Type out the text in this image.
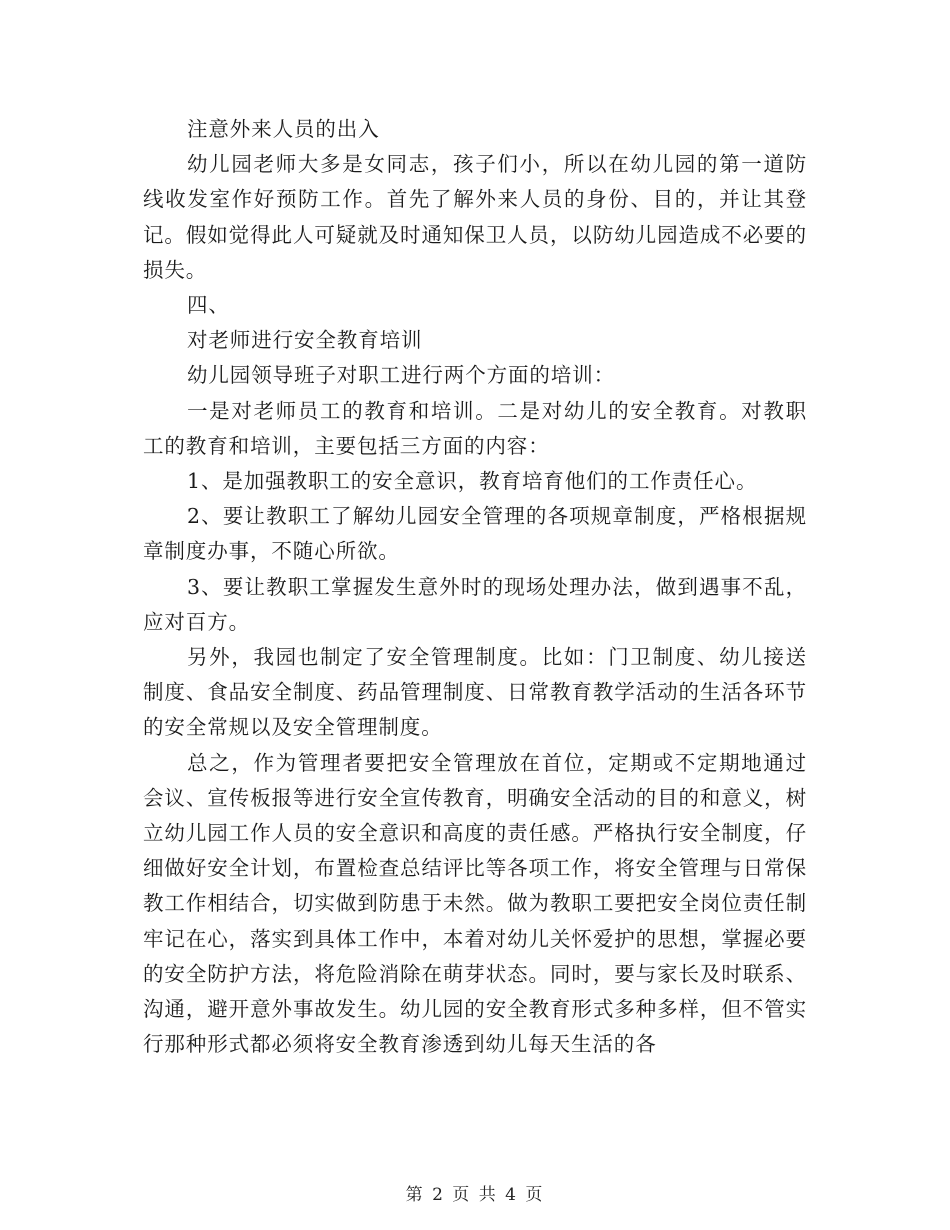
注意外来人员的出入

幼儿园老师大多是女同志，孩子们小，所以在幼儿园的第一道防线收发室作好预防工作。首先了解外来人员的身份、目的，并让其登记。假如觉得此人可疑就及时通知保卫人员，以防幼儿园造成不必要的损失。

四、

对老师进行安全教育培训

幼儿园领导班子对职工进行两个方面的培训：

一是对老师员工的教育和培训。二是对幼儿的安全教育。对教职工的教育和培训，主要包括三方面的内容：

1、是加强教职工的安全意识，教育培育他们的工作责任心。

2、要让教职工了解幼儿园安全管理的各项规章制度，严格根据规章制度办事，不随心所欲。

3、要让教职工掌握发生意外时的现场处理办法，做到遇事不乱，应对百方。

另外，我园也制定了安全管理制度。比如：门卫制度、幼儿接送制度、食品安全制度、药品管理制度、日常教育教学活动的生活各环节的安全常规以及安全管理制度。

总之，作为管理者要把安全管理放在首位，定期或不定期地通过会议、宣传板报等进行安全宣传教育，明确安全活动的目的和意义，树立幼儿园工作人员的安全意识和高度的责任感。严格执行安全制度，仔细做好安全计划，布置检查总结评比等各项工作，将安全管理与日常保教工作相结合，切实做到防患于未然。做为教职工要把安全岗位责任制牢记在心，落实到具体工作中，本着对幼儿关怀爱护的思想，掌握必要的安全防护方法，将危险消除在萌芽状态。同时，要与家长及时联系、沟通，避开意外事故发生。幼儿园的安全教育形式多种多样，但不管实行那种形式都必须将安全教育渗透到幼儿每天生活的各

第 2 页 共 4 页
